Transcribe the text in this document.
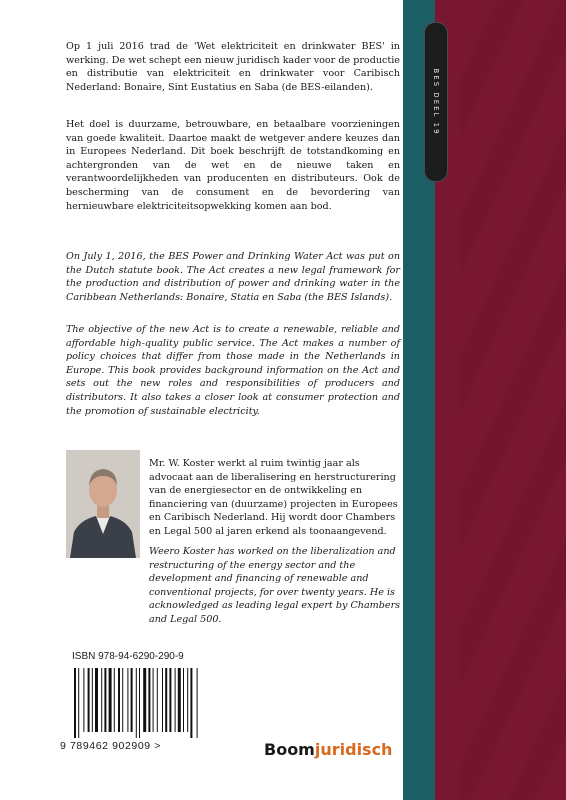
Op 1 juli 2016 trad de 'Wet elektriciteit en drinkwater BES' in werking. De wet schept een nieuw juridisch kader voor de productie en distributie van elektriciteit en drinkwater voor Caribisch Nederland: Bonaire, Sint Eustatius en Saba (de BES-eilanden).

Het doel is duurzame, betrouwbare, en betaalbare voorzieningen van goede kwaliteit. Daartoe maakt de wetgever andere keuzes dan in Europees Nederland. Dit boek beschrijft de totstandkoming en achtergronden van de wet en de nieuwe taken en verantwoordelijkheden van producenten en distributeurs. Ook de bescherming van de consument en de bevordering van hernieuwbare elektriciteitsopwekking komen aan bod.

On July 1, 2016, the BES Power and Drinking Water Act was put on the Dutch statute book. The Act creates a new legal framework for the production and distribution of power and drinking water in the Caribbean Netherlands: Bonaire, Statia en Saba (the BES Islands).

The objective of the new Act is to create a renewable, reliable and affordable high-quality public service. The Act makes a number of policy choices that differ from those made in the Netherlands in Europe. This book provides background information on the Act and sets out the new roles and responsibilities of producers and distributors. It also takes a closer look at consumer protection and the promotion of sustainable electricity.

Mr. W. Koster werkt al ruim twintig jaar als advocaat aan de liberalisering en herstructurering van de energiesector en de ontwikkeling en financiering van (duurzame) projecten in Europees en Caribisch Nederland. Hij wordt door Chambers en Legal 500 al jaren erkend als toonaangevend.

Weero Koster has worked on the liberalization and restructuring of the energy sector and the development and financing of renewable and conventional projects, for over twenty years. He is acknowledged as leading legal expert by Chambers and Legal 500.

ISBN 978-94-6290-290-9
9 789462 902909 >	Boomjuridisch
BES DEEL 19
